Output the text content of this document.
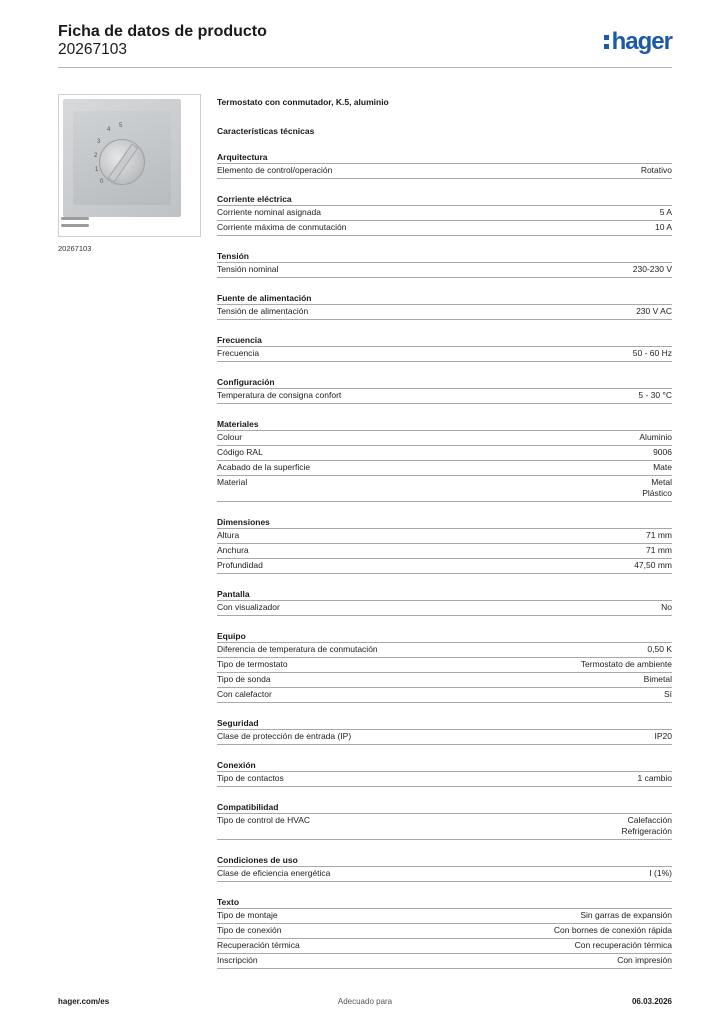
Ficha de datos de producto
20267103	hager
5
4
3
2
1
0
20267103
Termostato con conmutador, K.5, aluminio
Características técnicas
Arquitectura
Elemento de control/operación	Rotativo
Corriente eléctrica
Corriente nominal asignada	5 A
Corriente máxima de conmutación	10 A
Tensión
Tensión nominal	230-230 V
Fuente de alimentación
Tensión de alimentación	230 V AC
Frecuencia
Frecuencia	50 - 60 Hz
Configuración
Temperatura de consigna confort	5 - 30 °C
Materiales
Colour	Aluminio
Código RAL	9006
Acabado de la superficie	Mate
Material	Metal
Plástico
Dimensiones
Altura	71 mm
Anchura	71 mm
Profundidad	47,50 mm
Pantalla
Con visualizador	No
Equipo
Diferencia de temperatura de conmutación	0,50 K
Tipo de termostato	Termostato de ambiente
Tipo de sonda	Bimetal
Con calefactor	Sí
Seguridad
Clase de protección de entrada (IP)	IP20
Conexión
Tipo de contactos	1 cambio
Compatibilidad
Tipo de control de HVAC	Calefacción
Refrigeración
Condiciones de uso
Clase de eficiencia energética	I (1%)
Texto
Tipo de montaje	Sin garras de expansión
Tipo de conexión	Con bornes de conexión rápida
Recuperación térmica	Con recuperación térmica
Inscripción	Con impresión
hager.com/es	Adecuado para	06.03.2026
